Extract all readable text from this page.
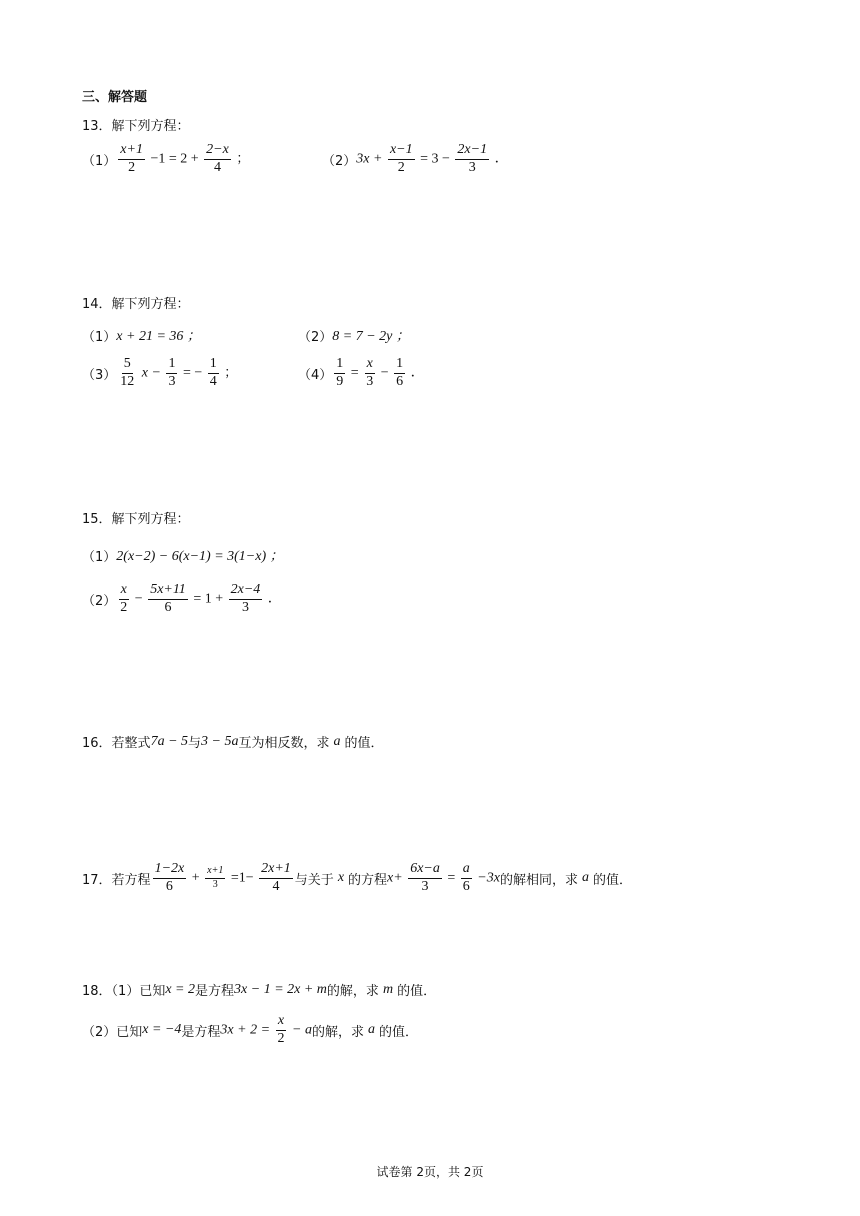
三、解答题
13．解下列方程：
$(1) \frac{x+1}{2} -1 = 2 + \frac{2-x}{4}$ ；	（2） $3x + \frac{x-1}{2} = 3 - \frac{2x-1}{3}$ ．
14．解下列方程：
（1） x + 21 = 36 ；	（2） 8 = 7 − 2y ；
$(3) \frac{5}{12}$ $x - \frac{1}{3}$ = − $\frac{1}{4}$ ；	$(4) \frac{1}{9} = \frac{x}{3} - \frac{1}{6}$ ．
15．解下列方程：
（1） 2(x−2) − 6(x−1) = 3(1−x) ；
$(2) \frac{x}{2} - \frac{5x+11}{6} = 1 + \frac{2x-4}{3}$ ．
16． 若整式 7a − 5 与 3 − 5a 互为相反数，求 a 的值．
17． 若方程 $\frac{1-2x}{6} + \frac{x+1}{3} =1- \frac{2x+1}{4}$ 与关于 x 的方程 $x+ \frac{6x-a}{3} = \frac{a}{6} -3x$ 的解相同，求 a 的值．
18．（1） 已知 x = 2 是方程 3x − 1 = 2x + m 的解，求 m 的值．
（2） 已知 x = −4 是方程 $3x + 2 = \frac{x}{2} - a$ 的解，求 a 的值．
试卷第 2页，共 2页
